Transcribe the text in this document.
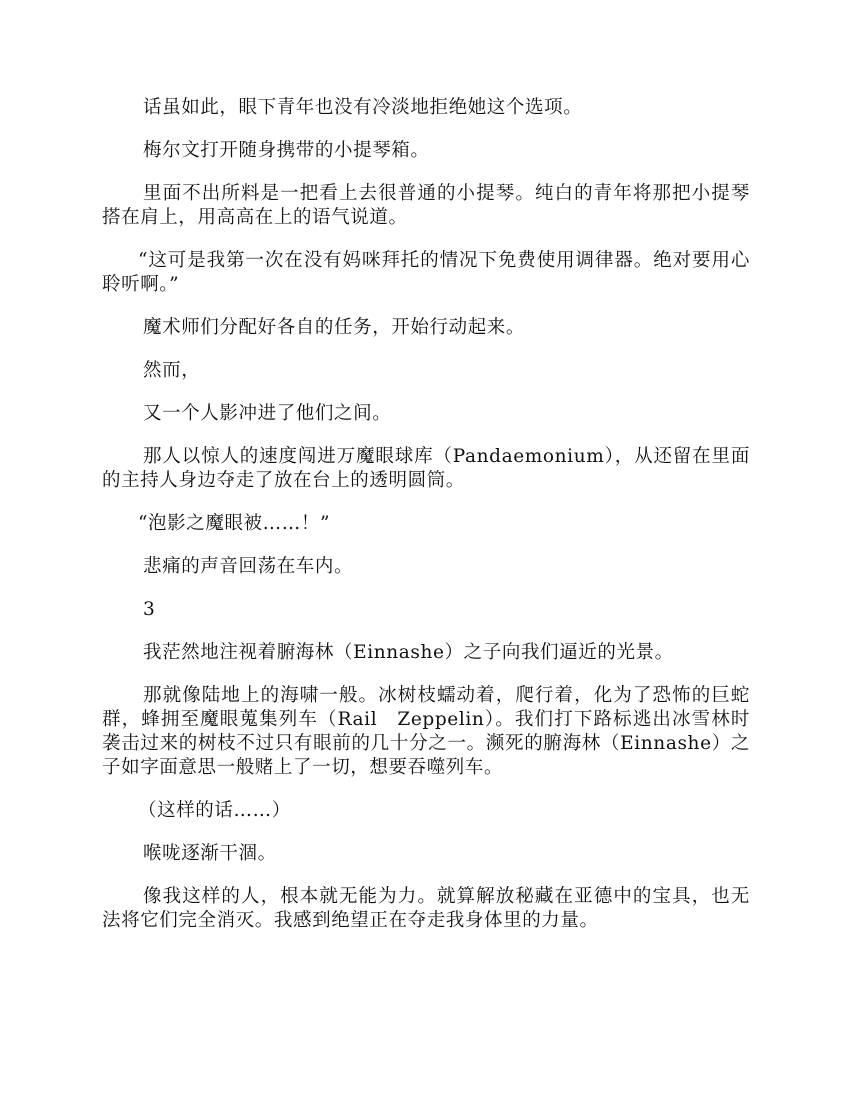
话虽如此，眼下青年也没有冷淡地拒绝她这个选项。

梅尔文打开随身携带的小提琴箱。

里面不出所料是一把看上去很普通的小提琴。纯白的青年将那把小提琴搭在肩上，用高高在上的语气说道。

“这可是我第一次在没有妈咪拜托的情况下免费使用调律器。绝对要用心聆听啊。”

魔术师们分配好各自的任务，开始行动起来。

然而，

又一个人影冲进了他们之间。

那人以惊人的速度闯进万魔眼球库（Pandaemonium），从还留在里面的主持人身边夺走了放在台上的透明圆筒。

“泡影之魔眼被……！”

悲痛的声音回荡在车内。

3

我茫然地注视着腑海林（Einnashe）之子向我们逼近的光景。

那就像陆地上的海啸一般。冰树枝蠕动着，爬行着，化为了恐怖的巨蛇群，蜂拥至魔眼蒐集列车（Rail　Zeppelin）。我们打下路标逃出冰雪林时袭击过来的树枝不过只有眼前的几十分之一。濒死的腑海林（Einnashe）之子如字面意思一般赌上了一切，想要吞噬列车。

（这样的话……）

喉咙逐渐干涸。

像我这样的人，根本就无能为力。就算解放秘藏在亚德中的宝具，也无法将它们完全消灭。我感到绝望正在夺走我身体里的力量。
